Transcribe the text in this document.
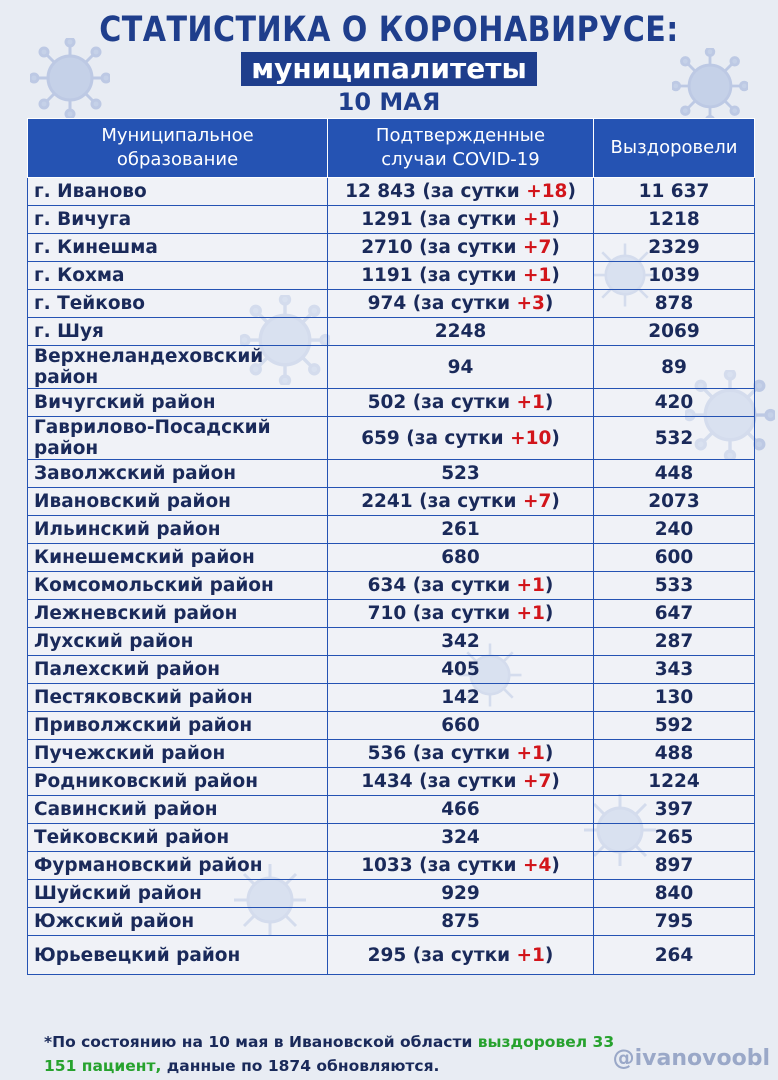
СТАТИСТИКА О КОРОНАВИРУСЕ:
муниципалитеты
10 МАЯ
Муниципальное образование	Подтвержденные случаи COVID-19	Выздоровели
г. Иваново	12 843 (за сутки +18)	11 637
г. Вичуга	1291 (за сутки +1)	1218
г. Кинешма	2710 (за сутки +7)	2329
г. Кохма	1191 (за сутки +1)	1039
г. Тейково	974 (за сутки +3)	878
г. Шуя	2248	2069
Верхнеландеховский район	94	89
Вичугский район	502 (за сутки +1)	420
Гаврилово-Посадский район	659 (за сутки +10)	532
Заволжский район	523	448
Ивановский район	2241 (за сутки +7)	2073
Ильинский район	261	240
Кинешемский район	680	600
Комсомольский район	634 (за сутки +1)	533
Лежневский район	710 (за сутки +1)	647
Лухский район	342	287
Палехский район	405	343
Пестяковский район	142	130
Приволжский район	660	592
Пучежский район	536 (за сутки +1)	488
Родниковский район	1434 (за сутки +7)	1224
Савинский район	466	397
Тейковский район	324	265
Фурмановский район	1033 (за сутки +4)	897
Шуйский район	929	840
Южский район	875	795
Юрьевецкий район	295 (за сутки +1)	264
*По состоянию на 10 мая в Ивановской области выздоровел 33 151 пациент, данные по 1874 обновляются.	@ivanovoobl
